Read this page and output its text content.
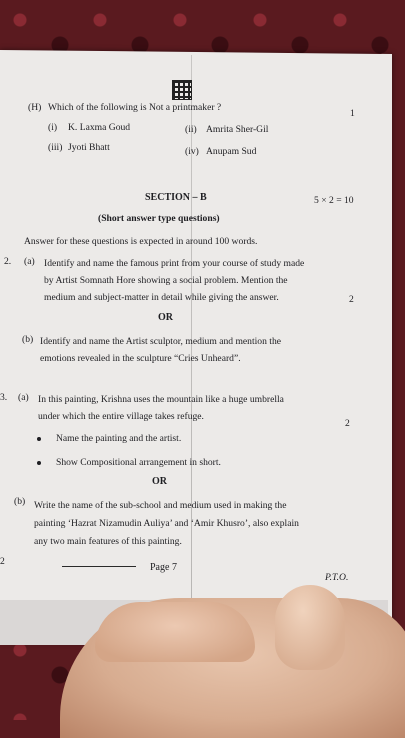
(H) Which of the following is Not a printmaker ?
1
(i) K. Laxma Goud	(ii) Amrita Sher-Gil
(iii) Jyoti Bhatt	(iv) Anupam Sud
SECTION – B	5 × 2 = 10
(Short answer type questions)
Answer for these questions is expected in around 100 words.
2. (a) Identify and name the famous print from your course of study made
by Artist Somnath Hore showing a social problem. Mention the
medium and subject-matter in detail while giving the answer.	2
OR
(b) Identify and name the Artist sculptor, medium and mention the
emotions revealed in the sculpture “Cries Unheard”.
3. (a) In this painting, Krishna uses the mountain like a huge umbrella
under which the entire village takes refuge.
2
Name the painting and the artist.
Show Compositional arrangement in short.
OR
(b) Write the name of the sub-school and medium used in making the
painting ‘Hazrat Nizamudin Auliya’ and ‘Amir Khusro’, also explain
any two main features of this painting.
2
Page 7
P.T.O.
